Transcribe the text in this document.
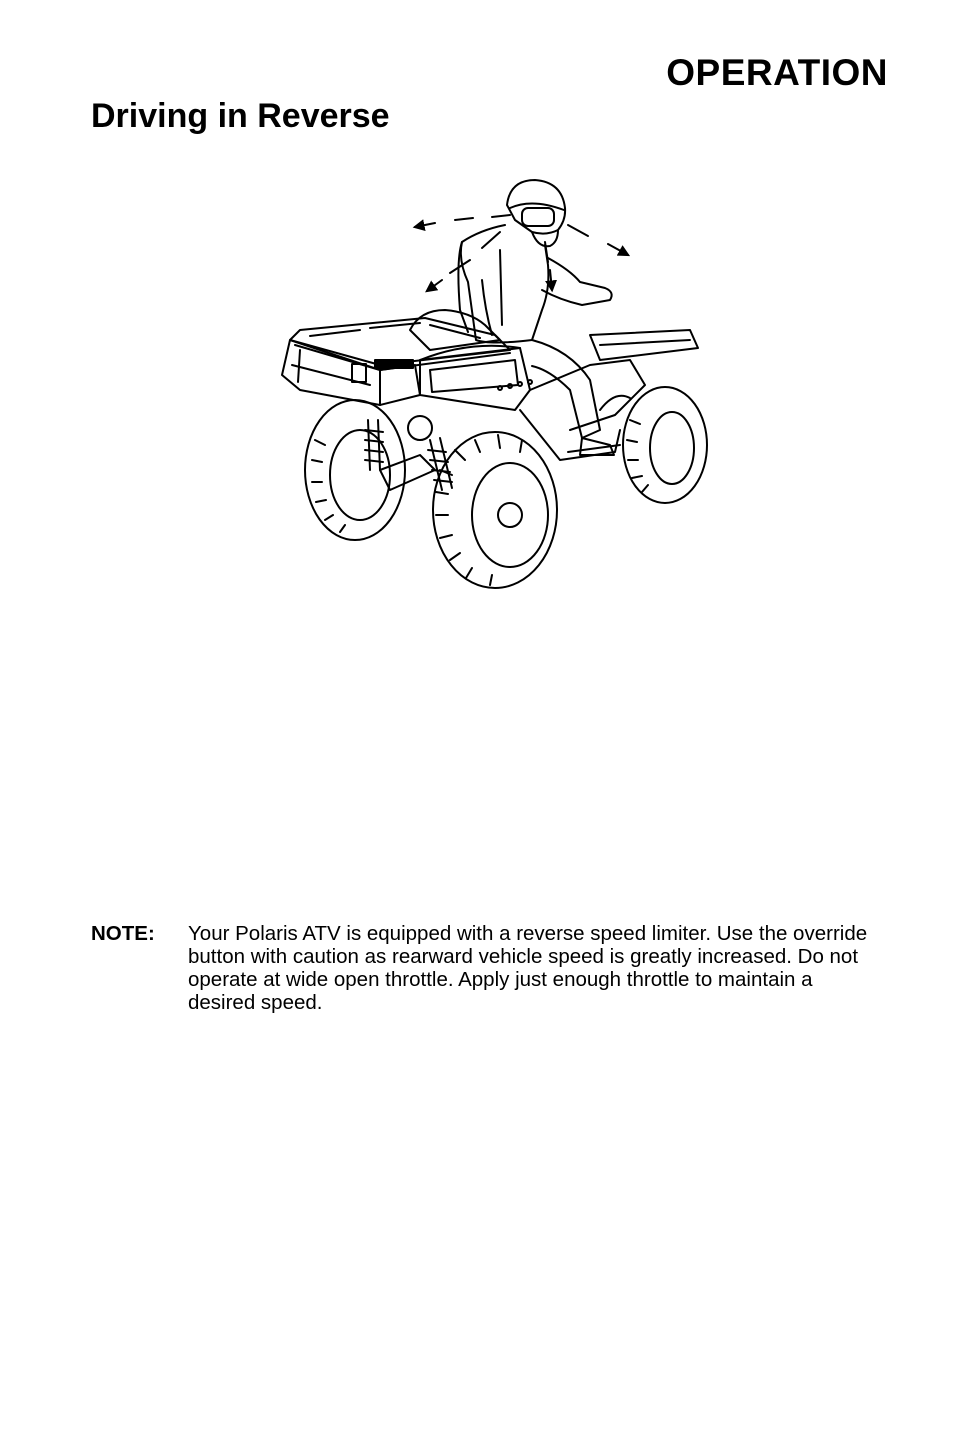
OPERATION
Driving in Reverse
NOTE: Your Polaris ATV is equipped with a reverse speed limiter. Use the override button with caution as rearward vehicle speed is greatly increased. Do not operate at wide open throttle. Apply just enough throttle to maintain a desired speed.
